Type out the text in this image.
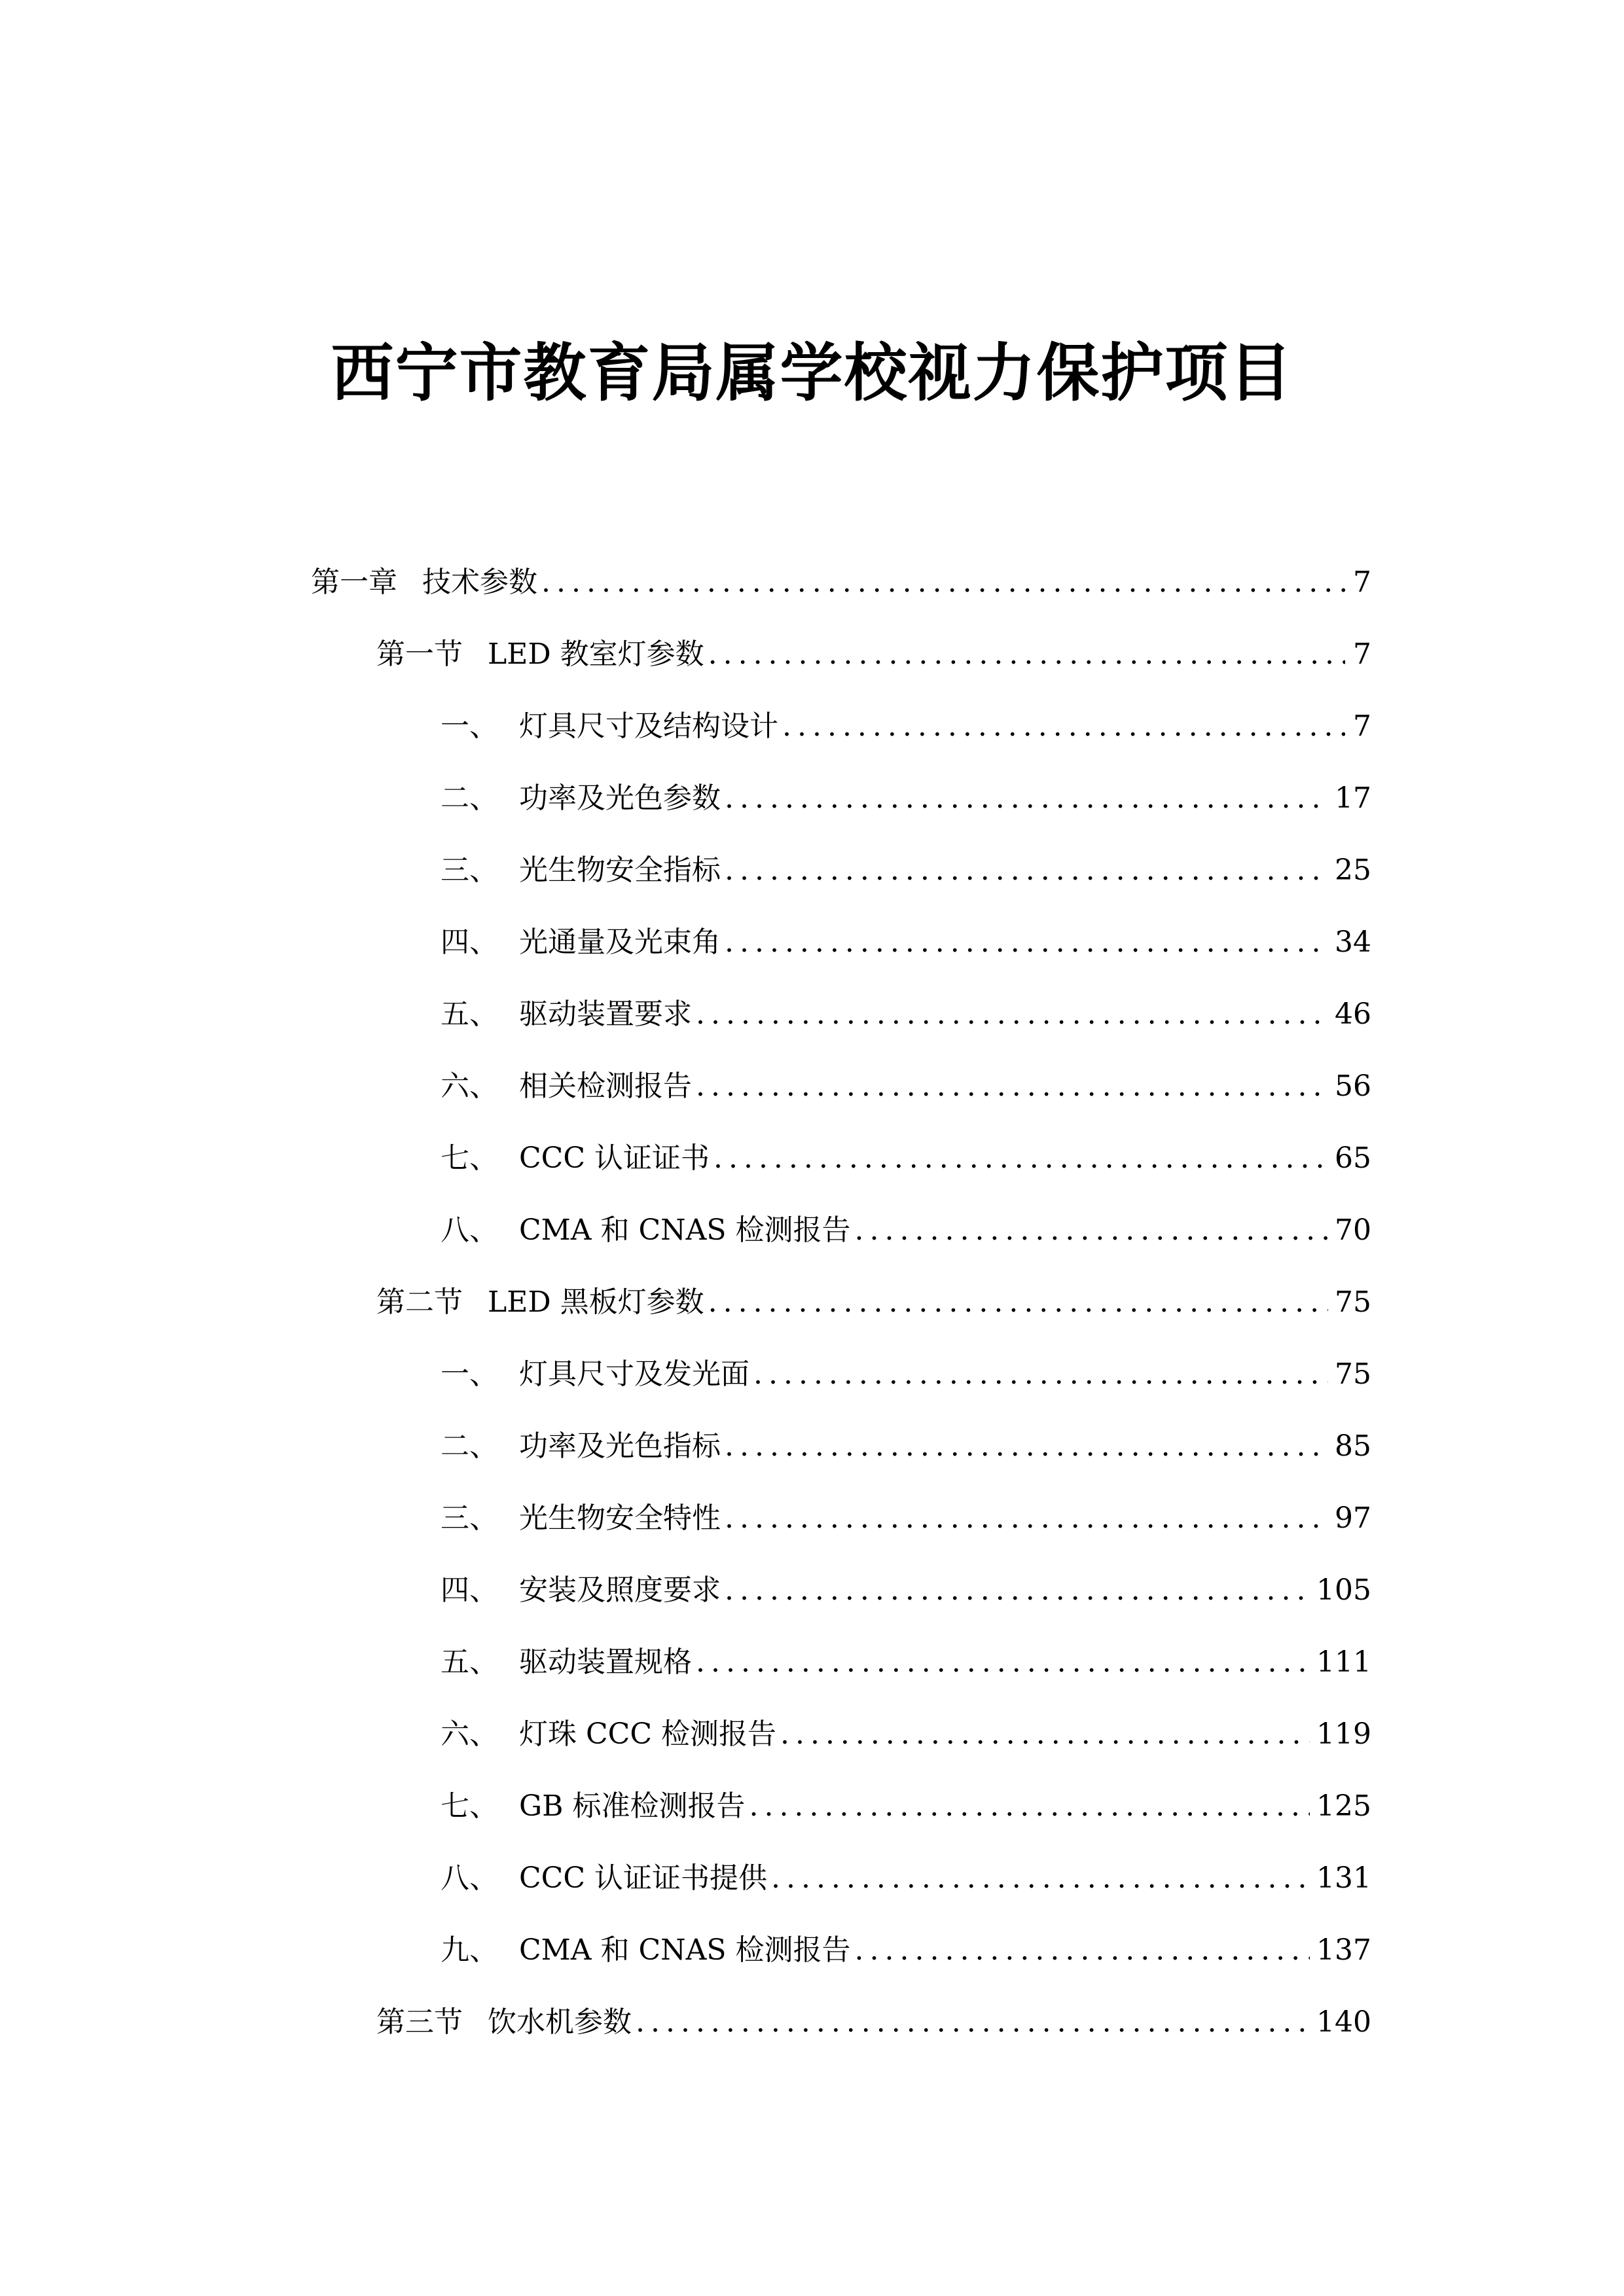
西宁市教育局属学校视力保护项目
第一章 技术参数 .....	7
第一节 LED 教室灯参数 .....	7
一、 灯具尺寸及结构设计 .....	7
二、 功率及光色参数 .....	17
三、 光生物安全指标 .....	25
四、 光通量及光束角 .....	34
五、 驱动装置要求 .....	46
六、 相关检测报告 .....	56
七、 CCC 认证证书 .....	65
八、 CMA 和 CNAS 检测报告 .....	70
第二节 LED 黑板灯参数 .....	75
一、 灯具尺寸及发光面 .....	75
二、 功率及光色指标 .....	85
三、 光生物安全特性 .....	97
四、 安装及照度要求 .....	105
五、 驱动装置规格 .....	111
六、 灯珠 CCC 检测报告 .....	119
七、 GB 标准检测报告 .....	125
八、 CCC 认证证书提供 .....	131
九、 CMA 和 CNAS 检测报告 .....	137
第三节 饮水机参数 .....	140
